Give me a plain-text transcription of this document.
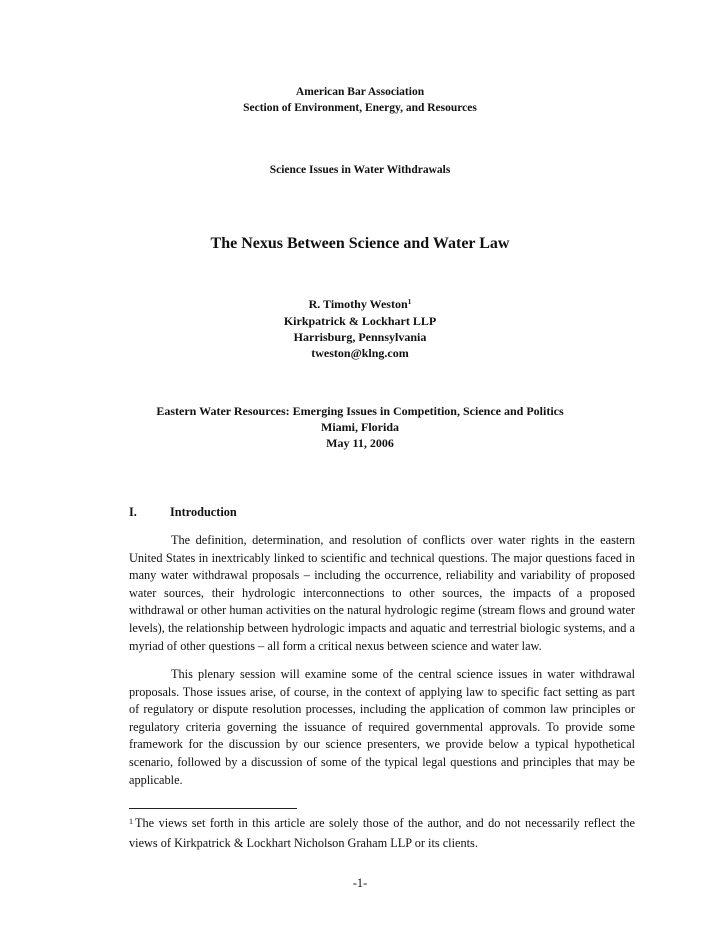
American Bar Association
Section of Environment, Energy, and Resources
Science Issues in Water Withdrawals
The Nexus Between Science and Water Law
R. Timothy Weston$^1$
Kirkpatrick & Lockhart LLP
Harrisburg, Pennsylvania
tweston@klng.com
Eastern Water Resources: Emerging Issues in Competition, Science and Politics
Miami, Florida
May 11, 2006
I.	Introduction

The definition, determination, and resolution of conflicts over water rights in the eastern United States in inextricably linked to scientific and technical questions. The major questions faced in many water withdrawal proposals – including the occurrence, reliability and variability of proposed water sources, their hydrologic interconnections to other sources, the impacts of a proposed withdrawal or other human activities on the natural hydrologic regime (stream flows and ground water levels), the relationship between hydrologic impacts and aquatic and terrestrial biologic systems, and a myriad of other questions – all form a critical nexus between science and water law.

This plenary session will examine some of the central science issues in water withdrawal proposals. Those issues arise, of course, in the context of applying law to specific fact setting as part of regulatory or dispute resolution processes, including the application of common law principles or regulatory criteria governing the issuance of required governmental approvals. To provide some framework for the discussion by our science presenters, we provide below a typical hypothetical scenario, followed by a discussion of some of the typical legal questions and principles that may be applicable.

$^1$ The views set forth in this article are solely those of the author, and do not necessarily reflect the views of Kirkpatrick & Lockhart Nicholson Graham LLP or its clients.

-1-
